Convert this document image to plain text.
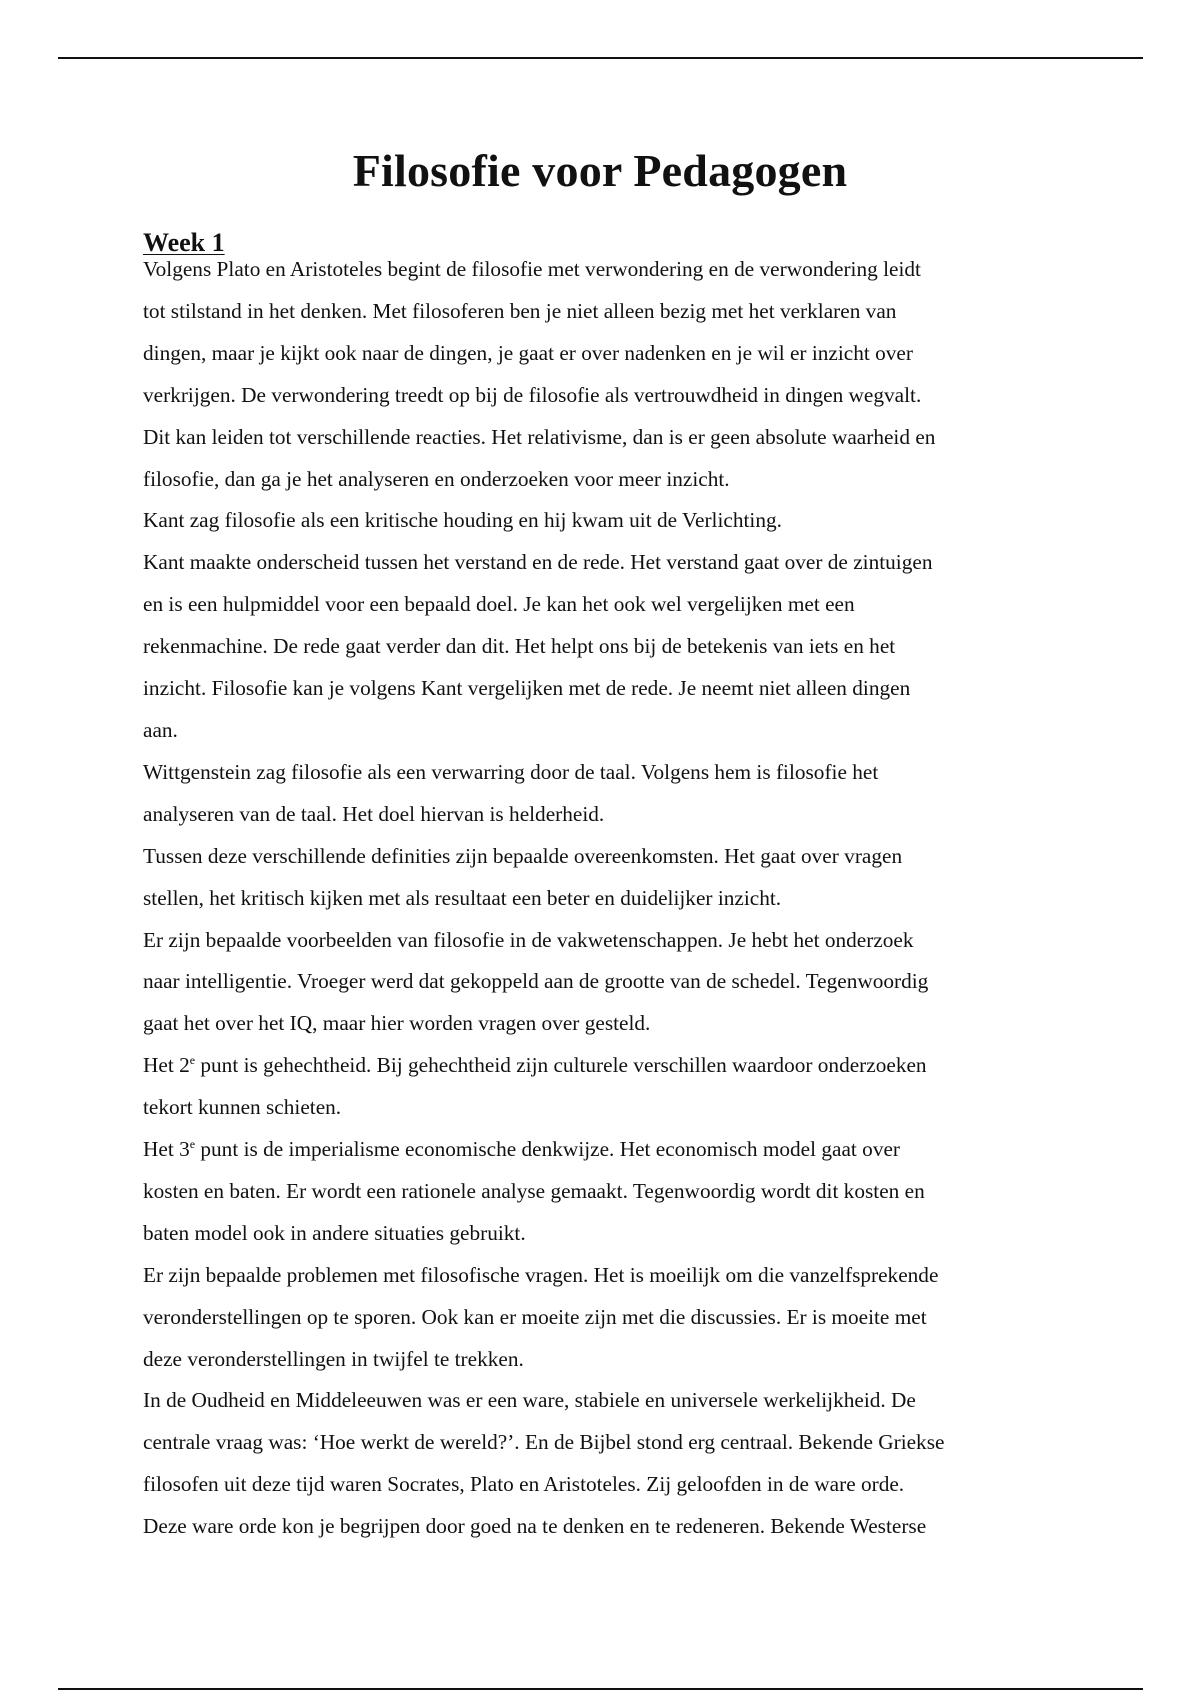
Filosofie voor Pedagogen
Week 1

Volgens Plato en Aristoteles begint de filosofie met verwondering en de verwondering leidt
tot stilstand in het denken. Met filosoferen ben je niet alleen bezig met het verklaren van
dingen, maar je kijkt ook naar de dingen, je gaat er over nadenken en je wil er inzicht over
verkrijgen. De verwondering treedt op bij de filosofie als vertrouwdheid in dingen wegvalt.
Dit kan leiden tot verschillende reacties. Het relativisme, dan is er geen absolute waarheid en
filosofie, dan ga je het analyseren en onderzoeken voor meer inzicht.
Kant zag filosofie als een kritische houding en hij kwam uit de Verlichting.
Kant maakte onderscheid tussen het verstand en de rede. Het verstand gaat over de zintuigen
en is een hulpmiddel voor een bepaald doel. Je kan het ook wel vergelijken met een
rekenmachine. De rede gaat verder dan dit. Het helpt ons bij de betekenis van iets en het
inzicht. Filosofie kan je volgens Kant vergelijken met de rede. Je neemt niet alleen dingen
aan.
Wittgenstein zag filosofie als een verwarring door de taal. Volgens hem is filosofie het
analyseren van de taal. Het doel hiervan is helderheid.
Tussen deze verschillende definities zijn bepaalde overeenkomsten. Het gaat over vragen
stellen, het kritisch kijken met als resultaat een beter en duidelijker inzicht.
Er zijn bepaalde voorbeelden van filosofie in de vakwetenschappen. Je hebt het onderzoek
naar intelligentie. Vroeger werd dat gekoppeld aan de grootte van de schedel. Tegenwoordig
gaat het over het IQ, maar hier worden vragen over gesteld.
Het 2e punt is gehechtheid. Bij gehechtheid zijn culturele verschillen waardoor onderzoeken
tekort kunnen schieten.
Het 3e punt is de imperialisme economische denkwijze. Het economisch model gaat over
kosten en baten. Er wordt een rationele analyse gemaakt. Tegenwoordig wordt dit kosten en
baten model ook in andere situaties gebruikt.
Er zijn bepaalde problemen met filosofische vragen. Het is moeilijk om die vanzelfsprekende
veronderstellingen op te sporen. Ook kan er moeite zijn met die discussies. Er is moeite met
deze veronderstellingen in twijfel te trekken.
In de Oudheid en Middeleeuwen was er een ware, stabiele en universele werkelijkheid. De
centrale vraag was: ‘Hoe werkt de wereld?’. En de Bijbel stond erg centraal. Bekende Griekse
filosofen uit deze tijd waren Socrates, Plato en Aristoteles. Zij geloofden in de ware orde.
Deze ware orde kon je begrijpen door goed na te denken en te redeneren. Bekende Westerse
